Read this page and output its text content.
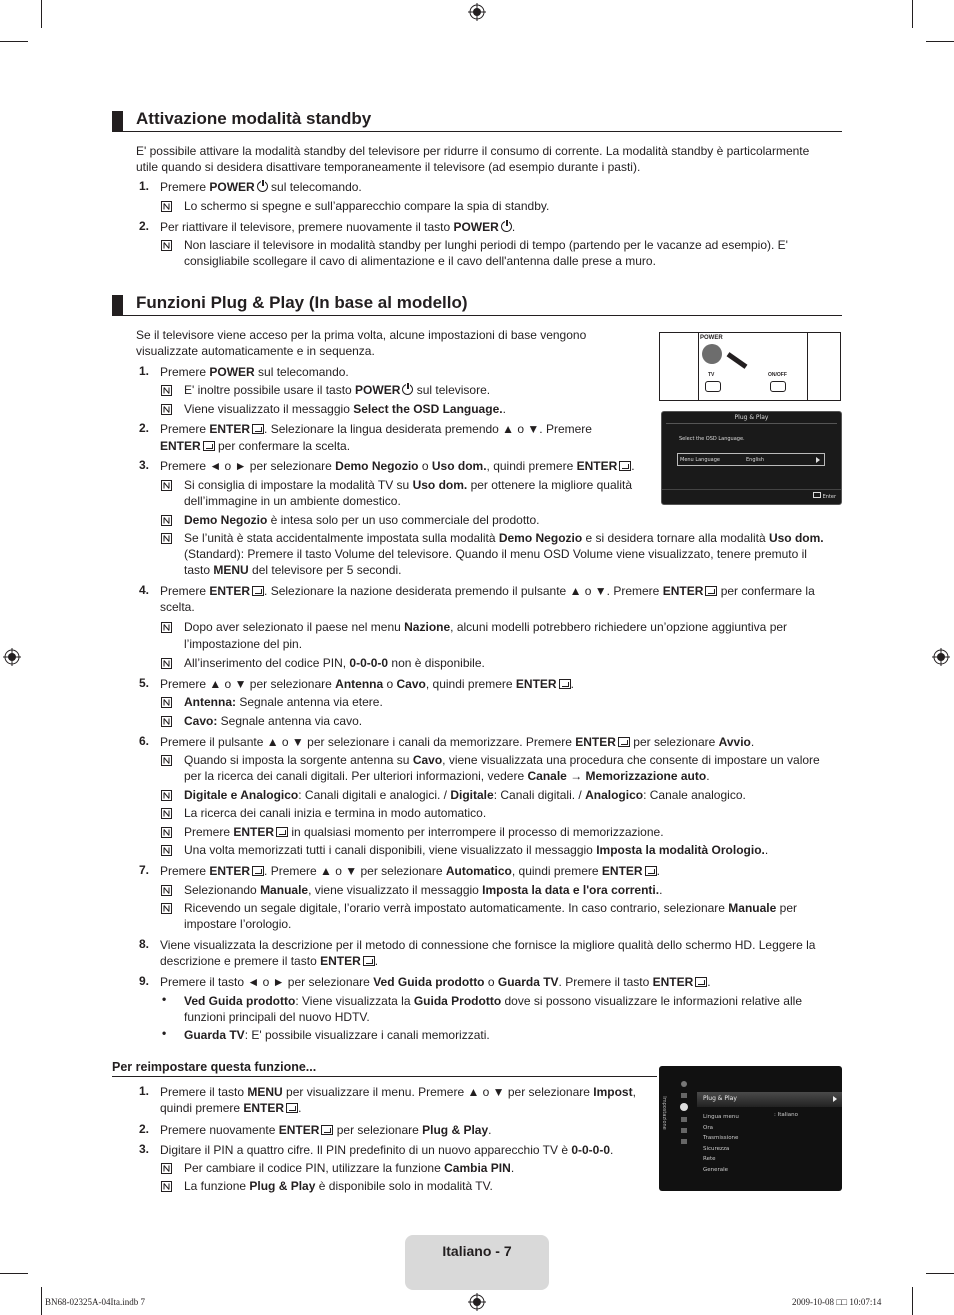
Attivazione modalità standby
E' possibile attivare la modalità standby del televisore per ridurre il consumo di corrente. La modalità standby è particolarmente
utile quando si desidera disattivare temporaneamente il televisore (ad esempio durante i pasti).
1. Premere POWER sul telecomando.
Lo schermo si spegne e sull’apparecchio compare la spia di standby.
2. Per riattivare il televisore, premere nuovamente il tasto POWER .
Non lasciare il televisore in modalità standby per lunghi periodi di tempo (partendo per le vacanze ad esempio). E'
consigliabile scollegare il cavo di alimentazione e il cavo dell'antenna dalle prese a muro.
Funzioni Plug & Play (In base al modello)
Se il televisore viene acceso per la prima volta, alcune impostazioni di base vengono
visualizzate automaticamente e in sequenza.
POWER
TV	ON/OFF
Plug & Play
Select the OSD Language.
Menu Language	English
Enter
1. Premere POWER sul telecomando.
E' inoltre possibile usare il tasto POWER sul televisore.
Viene visualizzato il messaggio Select the OSD Language..
2. Premere ENTER . Selezionare la lingua desiderata premendo ▲ o ▼. Premere
ENTER per confermare la scelta.
3. Premere ◄ o ► per selezionare Demo Negozio o Uso dom., quindi premere ENTER .
Si consiglia di impostare la modalità TV su Uso dom. per ottenere la migliore qualità
dell’immagine in un ambiente domestico.
Demo Negozio è intesa solo per un uso commerciale del prodotto.
Se l’unità è stata accidentalmente impostata sulla modalità Demo Negozio e si desidera tornare alla modalità Uso dom.
(Standard): Premere il tasto Volume del televisore. Quando il menu OSD Volume viene visualizzato, tenere premuto il
tasto MENU del televisore per 5 secondi.
4. Premere ENTER . Selezionare la nazione desiderata premendo il pulsante ▲ o ▼. Premere ENTER per confermare la
scelta.
Dopo aver selezionato il paese nel menu Nazione, alcuni modelli potrebbero richiedere un’opzione aggiuntiva per
l’impostazione del pin.
All’inserimento del codice PIN, 0-0-0-0 non è disponibile.
5. Premere ▲ o ▼ per selezionare Antenna o Cavo, quindi premere ENTER .
Antenna: Segnale antenna via etere.
Cavo: Segnale antenna via cavo.
6. Premere il pulsante ▲ o ▼ per selezionare i canali da memorizzare. Premere ENTER per selezionare Avvio.
Quando si imposta la sorgente antenna su Cavo, viene visualizzata una procedura che consente di impostare un valore
per la ricerca dei canali digitali. Per ulteriori informazioni, vedere Canale → Memorizzazione auto.
Digitale e Analogico: Canali digitali e analogici. / Digitale: Canali digitali. / Analogico: Canale analogico.
La ricerca dei canali inizia e termina in modo automatico.
Premere ENTER in qualsiasi momento per interrompere il processo di memorizzazione.
Una volta memorizzati tutti i canali disponibili, viene visualizzato il messaggio Imposta la modalità Orologio..
7. Premere ENTER . Premere ▲ o ▼ per selezionare Automatico, quindi premere ENTER .
Selezionando Manuale, viene visualizzato il messaggio Imposta la data e l'ora correnti..
Ricevendo un segale digitale, l’orario verrà impostato automaticamente. In caso contrario, selezionare Manuale per
impostare l’orologio.
8. Viene visualizzata la descrizione per il metodo di connessione che fornisce la migliore qualità dello schermo HD. Leggere la
descrizione e premere il tasto ENTER .
9. Premere il tasto ◄ o ► per selezionare Ved Guida prodotto o Guarda TV. Premere il tasto ENTER .
• Ved Guida prodotto: Viene visualizzata la Guida Prodotto dove si possono visualizzare le informazioni relative alle
funzioni principali del nuovo HDTV.
• Guarda TV: E' possibile visualizzare i canali memorizzati.
Per reimpostare questa funzione...
1. Premere il tasto MENU per visualizzare il menu. Premere ▲ o ▼ per selezionare Impost,
quindi premere ENTER .
2. Premere nuovamente ENTER per selezionare Plug & Play.
3. Digitare il PIN a quattro cifre. Il PIN predefinito di un nuovo apparecchio TV è 0-0-0-0.
Per cambiare il codice PIN, utilizzare la funzione Cambia PIN.
La funzione Plug & Play è disponibile solo in modalità TV.
Impostazione	Plug & Play
Lingua menu
Ora
Trasmissione
Sicurezza
Rete
Generale
: Italiano
Italiano - 7
BN68-02325A-04Ita.indb 7	2009-10-08 □□ 10:07:14
